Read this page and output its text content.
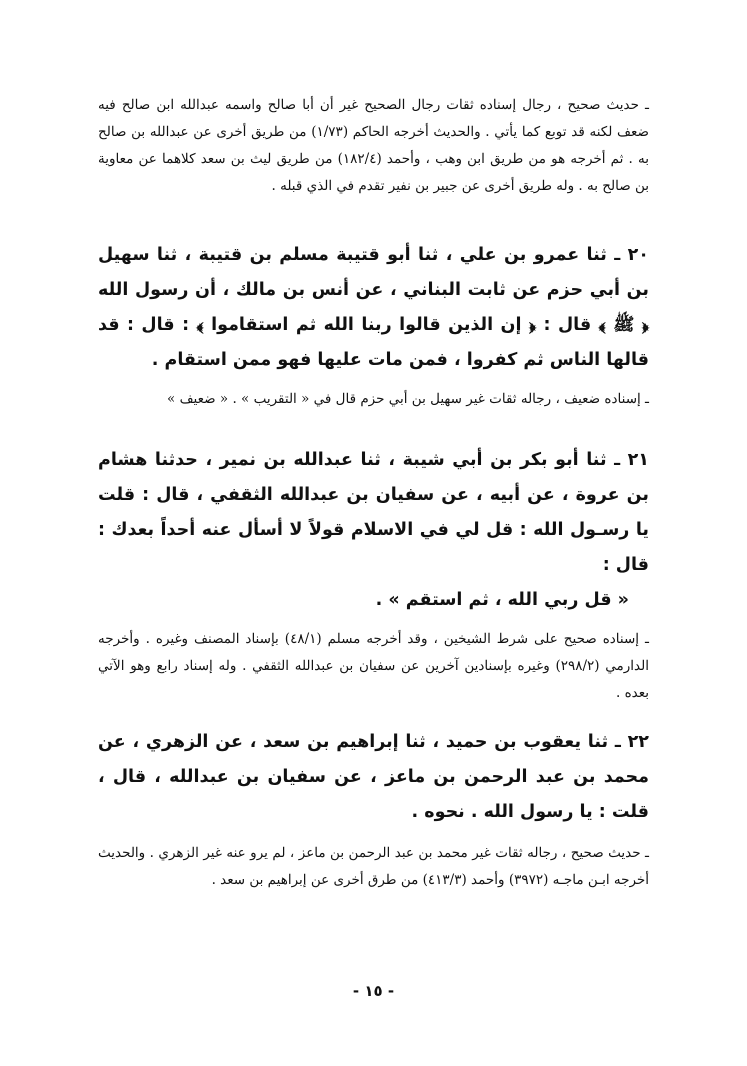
ـ حديث صحيح ، رجال إسناده ثقات رجال الصحيح غير أن أبا صالح واسمه عبدالله ابن صالح فيه ضعف لكنه قد توبع كما يأتي . والحديث أخرجه الحاكم (١/٧٣) من طريق أخرى عن عبدالله بن صالح به . ثم أخرجه هو من طريق ابن وهب ، وأحمد (١٨٢/٤) من طريق ليث بن سعد كلاهما عن معاوية بن صالح به . وله طريق أخرى عن جبير بن نفير تقدم في الذي قبله .

٢٠ ـ ثنا عمرو بن علي ، ثنا أبو قتيبة مسلم بن قتيبة ، ثنا سهيل بن أبي حزم عن ثابت البناني ، عن أنس بن مالك ، أن رسول الله ﴿ ﷺ ﴾ قال : ﴿ إن الذين قالوا ربنا الله ثم استقاموا ﴾ : قال : قد قالها الناس ثم كفروا ، فمن مات عليها فهو ممن استقام .

ـ إسناده ضعيف ، رجاله ثقات غير سهيل بن أبي حزم قال في « التقريب » . « ضعيف »

٢١ ـ ثنا أبو بكر بن أبي شيبة ، ثنا عبدالله بن نمير ، حدثنا هشام بن عروة ، عن أبيه ، عن سفيان بن عبدالله الثقفي ، قال : قلت يا رسـول الله : قل لي في الاسلام قولاً لا أسأل عنه أحداً بعدك : قال :

« قل ربي الله ، ثم استقم » .

ـ إسناده صحيح على شرط الشيخين ، وقد أخرجه مسلم (٤٨/١) بإسناد المصنف وغيره . وأخرجه الدارمي (٢٩٨/٢) وغيره بإسنادين آخرين عن سفيان بن عبدالله الثقفي . وله إسناد رابع وهو الآتي بعده .

٢٢ ـ ثنا يعقوب بن حميد ، ثنا إبراهيم بن سعد ، عن الزهري ، عن محمد بن عبد الرحمن بن ماعز ، عن سفيان بن عبدالله ، قال ، قلت : يا رسول الله . نحوه .

ـ حديث صحيح ، رجاله ثقات غير محمد بن عبد الرحمن بن ماعز ، لم يرو عنه غير الزهري . والحديث أخرجه ابـن ماجـه (٣٩٧٢) وأحمد (٤١٣/٣) من طرق أخرى عن إبراهيم بن سعد .

- ١٥ -
